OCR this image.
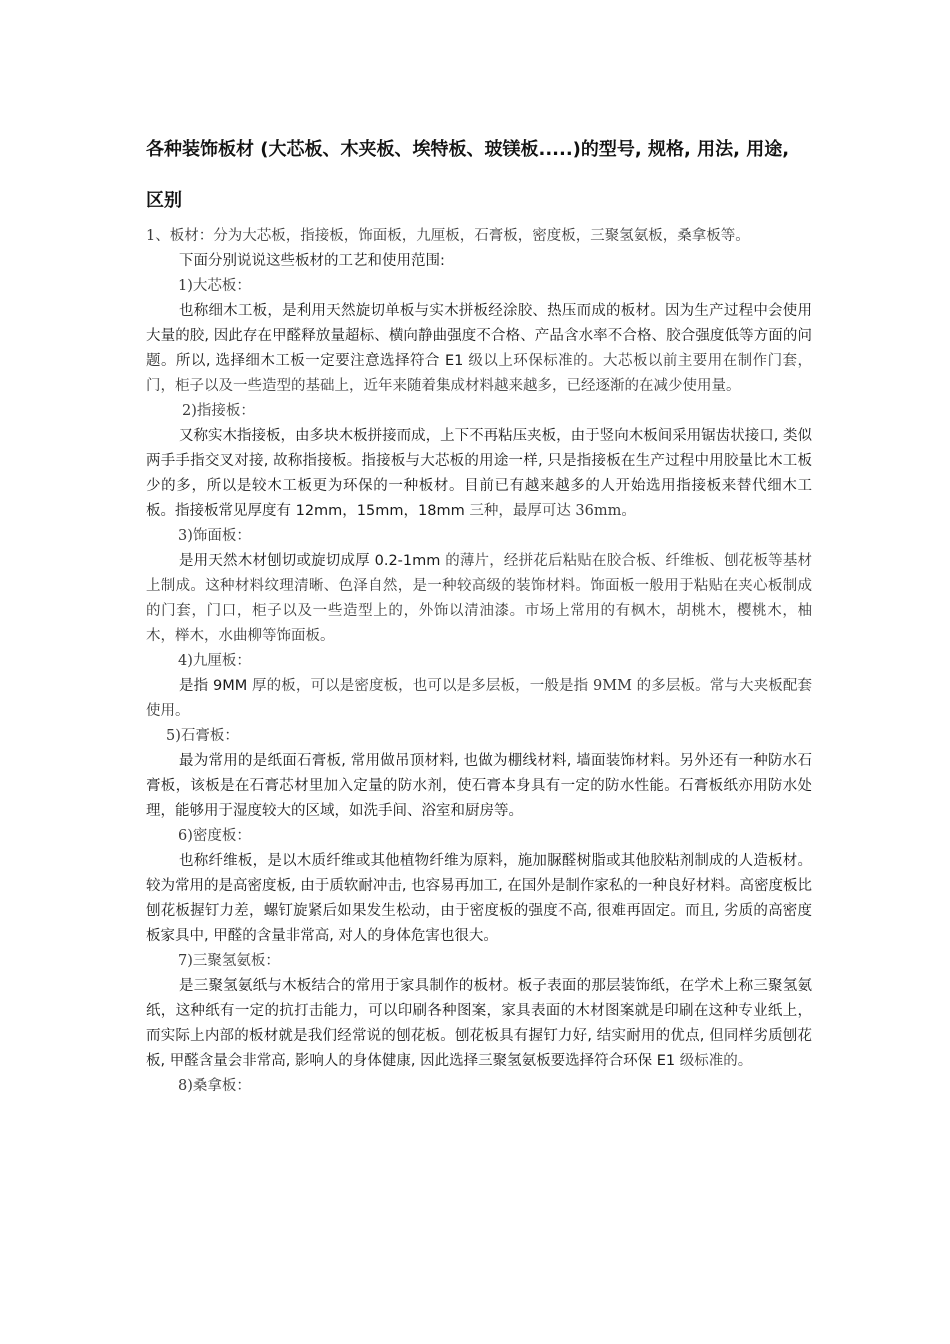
各种装饰板材 (大芯板、木夹板、埃特板、玻镁板.....)的型号, 规格, 用法, 用途,
区别

1、板材：分为大芯板，指接板，饰面板，九厘板，石膏板，密度板，三聚氢氨板，桑拿板等。

下面分别说说这些板材的工艺和使用范围:

1)大芯板：

也称细木工板，是利用天然旋切单板与实木拼板经涂胶、热压而成的板材。因为生产过程中会使用大量的胶, 因此存在甲醛释放量超标、横向静曲强度不合格、产品含水率不合格、胶合强度低等方面的问题。所以, 选择细木工板一定要注意选择符合 E1 级以上环保标准的。大芯板以前主要用在制作门套，门，柜子以及一些造型的基础上，近年来随着集成材料越来越多，已经逐渐的在减少使用量。

2)指接板：

又称实木指接板，由多块木板拼接而成，上下不再粘压夹板，由于竖向木板间采用锯齿状接口, 类似两手手指交叉对接, 故称指接板。指接板与大芯板的用途一样, 只是指接板在生产过程中用胶量比木工板少的多，所以是较木工板更为环保的一种板材。目前已有越来越多的人开始选用指接板来替代细木工板。指接板常见厚度有 12mm，15mm，18mm 三种，最厚可达 36mm。

3)饰面板：

是用天然木材刨切或旋切成厚 0.2-1mm 的薄片，经拼花后粘贴在胶合板、纤维板、刨花板等基材上制成。这种材料纹理清晰、色泽自然，是一种较高级的装饰材料。饰面板一般用于粘贴在夹心板制成的门套，门口，柜子以及一些造型上的，外饰以清油漆。市场上常用的有枫木，胡桃木，樱桃木，柚木，榉木，水曲柳等饰面板。

4)九厘板：

是指 9MM 厚的板，可以是密度板，也可以是多层板，一般是指 9MM 的多层板。常与大夹板配套使用。

5)石膏板：

最为常用的是纸面石膏板, 常用做吊顶材料, 也做为棚线材料, 墙面装饰材料。另外还有一种防水石膏板，该板是在石膏芯材里加入定量的防水剂，使石膏本身具有一定的防水性能。石膏板纸亦用防水处理，能够用于湿度较大的区域，如洗手间、浴室和厨房等。

6)密度板：

也称纤维板，是以木质纤维或其他植物纤维为原料，施加脲醛树脂或其他胶粘剂制成的人造板材。较为常用的是高密度板, 由于质软耐冲击, 也容易再加工, 在国外是制作家私的一种良好材料。高密度板比刨花板握钉力差，螺钉旋紧后如果发生松动，由于密度板的强度不高, 很难再固定。而且, 劣质的高密度板家具中, 甲醛的含量非常高, 对人的身体危害也很大。

7)三聚氢氨板：

是三聚氢氨纸与木板结合的常用于家具制作的板材。板子表面的那层装饰纸，在学术上称三聚氢氨纸，这种纸有一定的抗打击能力，可以印刷各种图案，家具表面的木材图案就是印刷在这种专业纸上，而实际上内部的板材就是我们经常说的刨花板。刨花板具有握钉力好, 结实耐用的优点, 但同样劣质刨花板, 甲醛含量会非常高, 影响人的身体健康, 因此选择三聚氢氨板要选择符合环保 E1 级标准的。

8)桑拿板：
